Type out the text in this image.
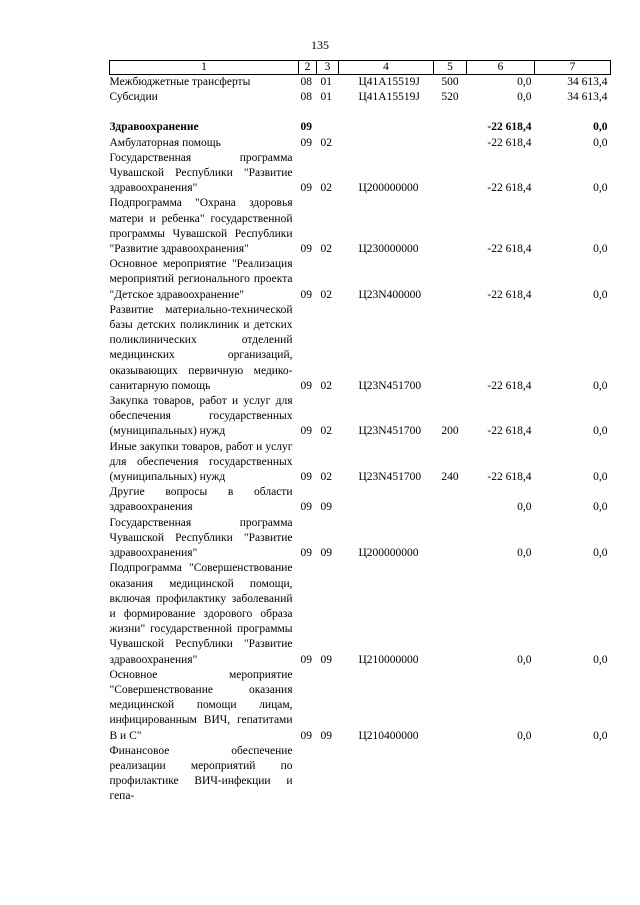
135
1	2	3	4	5	6	7
Межбюджетные трансферты	08	01	Ц41А15519J	500	0,0	34 613,4
Субсидии	08	01	Ц41А15519J	520	0,0	34 613,4

Здравоохранение	09				-22 618,4	0,0
Амбулаторная помощь	09	02			-22 618,4	0,0
Государственная программа Чувашской Республики "Развитие здравоохранения"	09	02	Ц200000000		-22 618,4	0,0
Подпрограмма "Охрана здоровья матери и ребенка" государственной программы Чувашской Республики "Развитие здравоохранения"	09	02	Ц230000000		-22 618,4	0,0
Основное мероприятие "Реализация мероприятий регионального проекта "Детское здравоохранение"	09	02	Ц23N400000		-22 618,4	0,0
Развитие материально-технической базы детских поликлиник и детских поликлинических отделений медицинских организаций, оказывающих первичную медико-санитарную помощь	09	02	Ц23N451700		-22 618,4	0,0
Закупка товаров, работ и услуг для обеспечения государственных (муниципальных) нужд	09	02	Ц23N451700	200	-22 618,4	0,0
Иные закупки товаров, работ и услуг для обеспечения государственных (муниципальных) нужд	09	02	Ц23N451700	240	-22 618,4	0,0
Другие вопросы в области здравоохранения	09	09			0,0	0,0
Государственная программа Чувашской Республики "Развитие здравоохранения"	09	09	Ц200000000		0,0	0,0
Подпрограмма "Совершенствование оказания медицинской помощи, включая профилактику заболеваний и формирование здорового образа жизни" государственной программы Чувашской Республики "Развитие здравоохранения"	09	09	Ц210000000		0,0	0,0
Основное мероприятие "Совершенствование оказания медицинской помощи лицам, инфицированным ВИЧ, гепатитами B и C"	09	09	Ц210400000		0,0	0,0
Финансовое обеспечение реализации мероприятий по профилактике ВИЧ-инфекции и гепа-						
